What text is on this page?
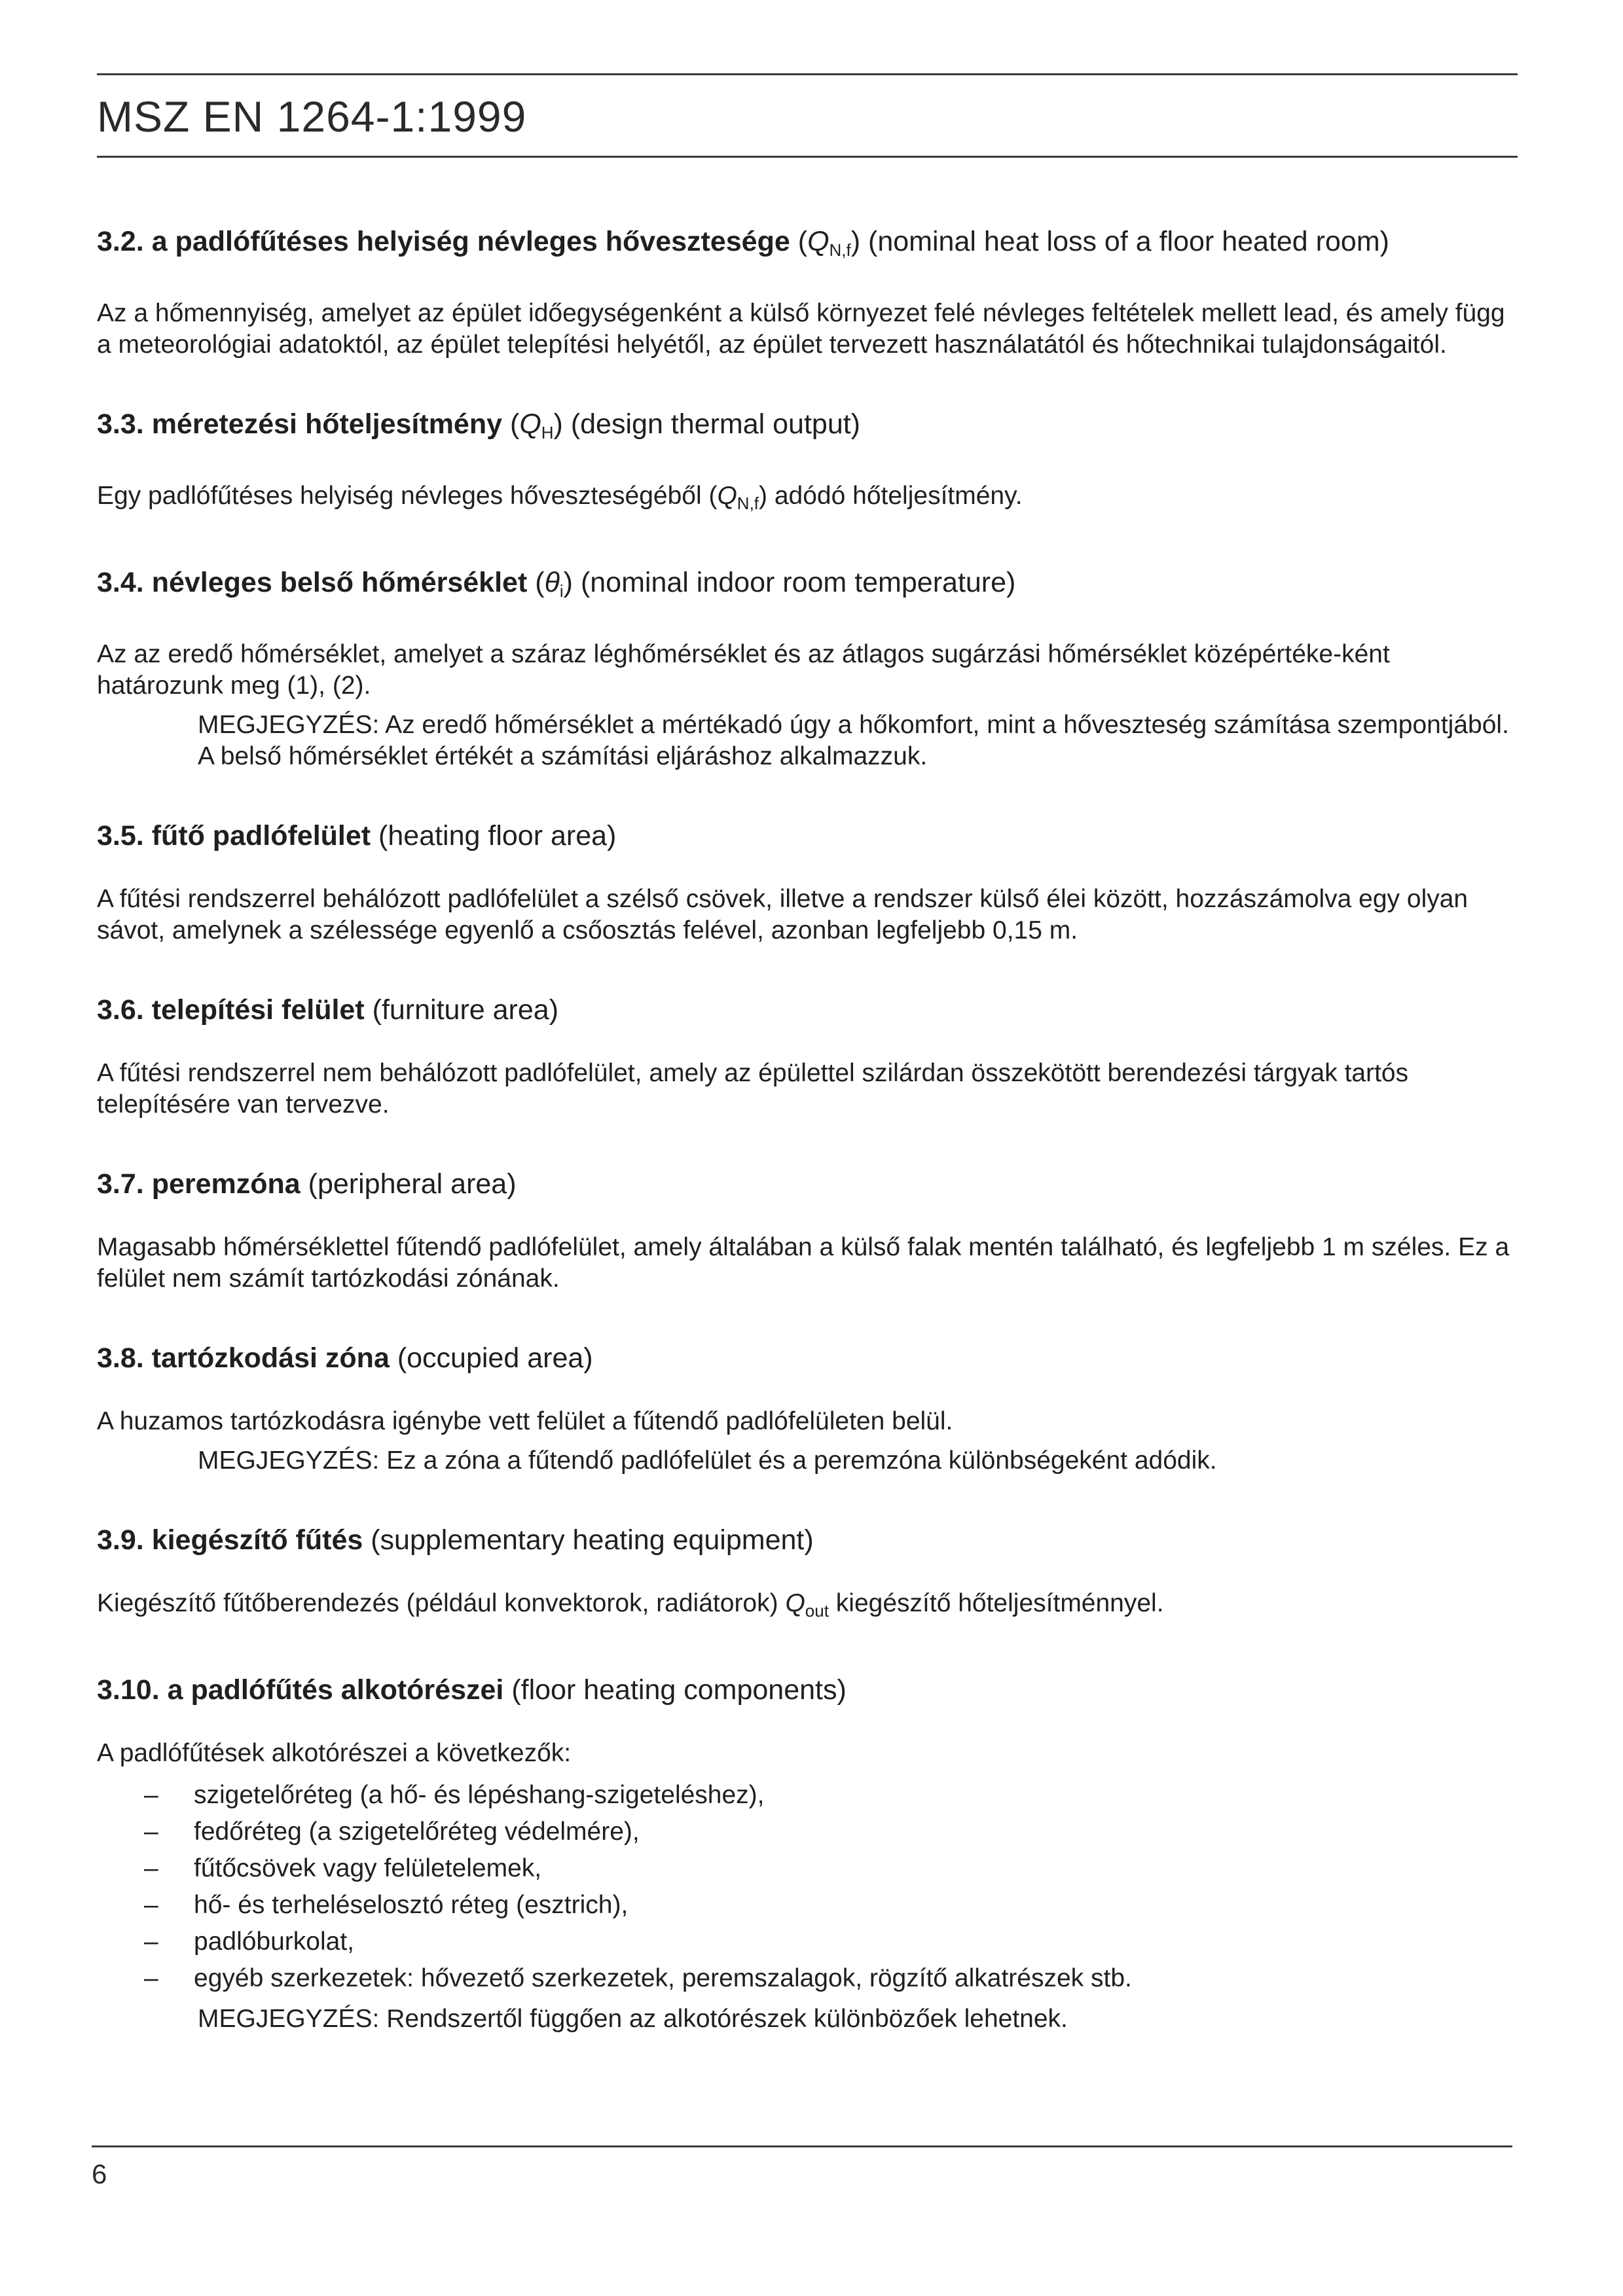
MSZ EN 1264-1:1999
3.2. a padlófűtéses helyiség névleges hővesztesége $(Q_{N,f})$ (nominal heat loss of a floor heated room)

Az a hőmennyiség, amelyet az épület időegységenként a külső környezet felé névleges feltételek mellett lead, és amely függ a meteorológiai adatoktól, az épület telepítési helyétől, az épület tervezett használatától és hőtechnikai tulajdonságaitól.

3.3. méretezési hőteljesítmény $(Q_H)$ (design thermal output)

Egy padlófűtéses helyiség névleges hőveszteségéből $(Q_{N,f})$ adódó hőteljesítmény.

3.4. névleges belső hőmérséklet $(\theta_i)$ (nominal indoor room temperature)

Az az eredő hőmérséklet, amelyet a száraz léghőmérséklet és az átlagos sugárzási hőmérséklet középértéke-ként határozunk meg (1), (2).

MEGJEGYZÉS: Az eredő hőmérséklet a mértékadó úgy a hőkomfort, mint a hőveszteség számítása szempontjából. A belső hőmérséklet értékét a számítási eljáráshoz alkalmazzuk.

3.5. fűtő padlófelület (heating floor area)

A fűtési rendszerrel behálózott padlófelület a szélső csövek, illetve a rendszer külső élei között, hozzászámolva egy olyan sávot, amelynek a szélessége egyenlő a csőosztás felével, azonban legfeljebb 0,15 m.

3.6. telepítési felület (furniture area)

A fűtési rendszerrel nem behálózott padlófelület, amely az épülettel szilárdan összekötött berendezési tárgyak tartós telepítésére van tervezve.

3.7. peremzóna (peripheral area)

Magasabb hőmérséklettel fűtendő padlófelület, amely általában a külső falak mentén található, és legfeljebb 1 m széles. Ez a felület nem számít tartózkodási zónának.

3.8. tartózkodási zóna (occupied area)

A huzamos tartózkodásra igénybe vett felület a fűtendő padlófelületen belül.

MEGJEGYZÉS: Ez a zóna a fűtendő padlófelület és a peremzóna különbségeként adódik.

3.9. kiegészítő fűtés (supplementary heating equipment)

Kiegészítő fűtőberendezés (például konvektorok, radiátorok) $Q_{out}$ kiegészítő hőteljesítménnyel.

3.10. a padlófűtés alkotórészei (floor heating components)

A padlófűtések alkotórészei a következők:

– szigetelőréteg (a hő- és lépéshang-szigeteléshez),
– fedőréteg (a szigetelőréteg védelmére),
– fűtőcsövek vagy felületelemek,
– hő- és terheléselosztó réteg (esztrich),
– padlóburkolat,
– egyéb szerkezetek: hővezető szerkezetek, peremszalagok, rögzítő alkatrészek stb.

MEGJEGYZÉS: Rendszertől függően az alkotórészek különbözőek lehetnek.

6
